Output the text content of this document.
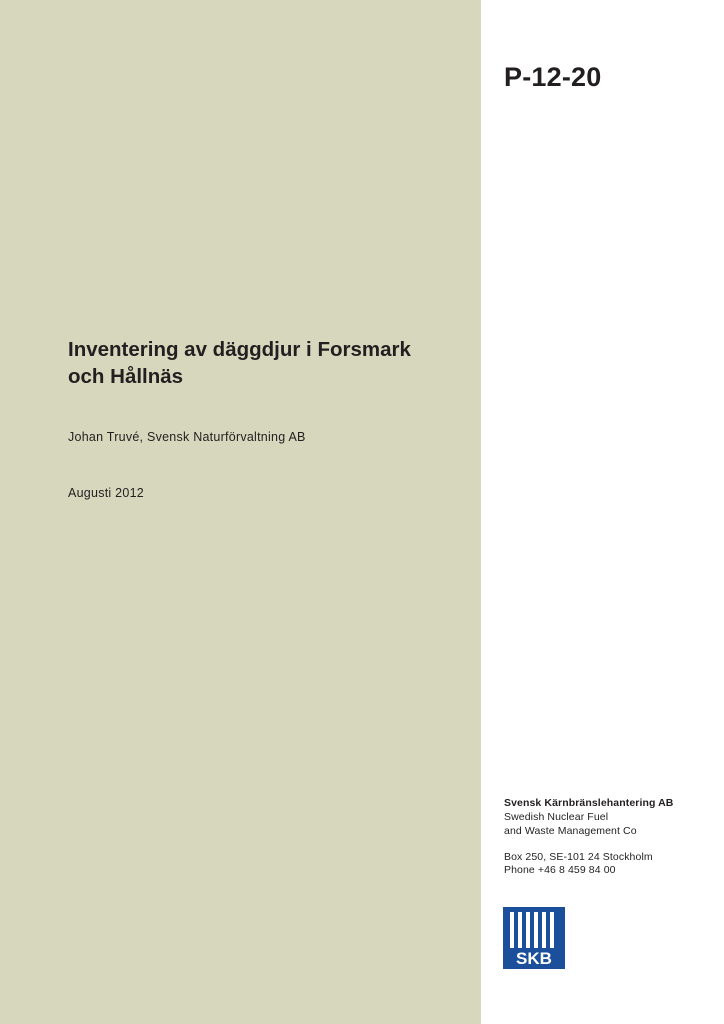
P-12-20
Inventering av däggdjur i Forsmark
och Hållnäs
Johan Truvé, Svensk Naturförvaltning AB
Augusti 2012
Svensk Kärnbränslehantering AB
Swedish Nuclear Fuel
and Waste Management Co
Box 250, SE-101 24 Stockholm
Phone +46 8 459 84 00
SKB
